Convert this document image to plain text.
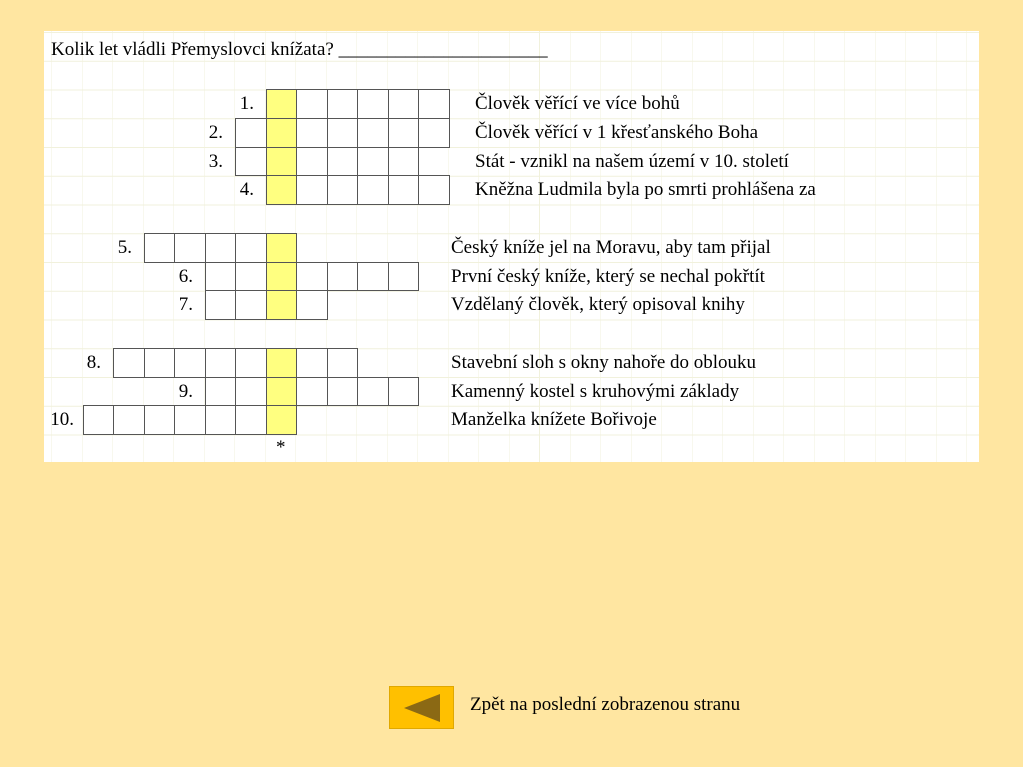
Kolik let vládli Přemyslovci knížata? ______________________
1.	Člověk věřící ve více bohů
2.	Člověk věřící v 1 křesťanského Boha
3.	Stát - vznikl na našem území v 10. století
4.	Kněžna Ludmila byla po smrti prohlášena za
5.	Český kníže jel na Moravu, aby tam přijal
6.	První český kníže, který se nechal pokřtít
7.	Vzdělaný člověk, který opisoval knihy
8.	Stavební sloh s okny nahoře do oblouku
9.	Kamenný kostel s kruhovými základy
10.	Manželka knížete Bořivoje
*
Zpět na poslední zobrazenou stranu
